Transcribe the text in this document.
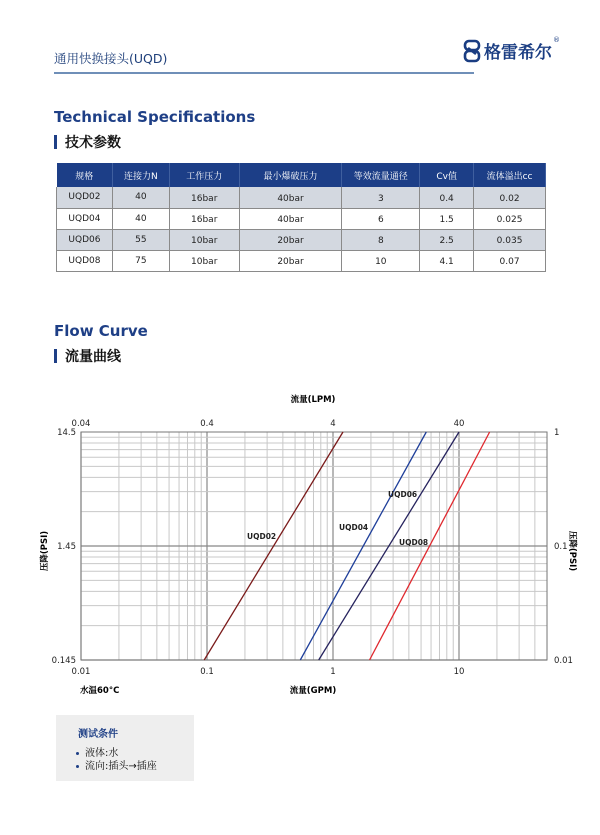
通用快换接头(UQD)	格雷希尔
®
Technical Specifications
技术参数
规格	连接力N	工作压力	最小爆破压力	等效流量通径	Cv值	流体溢出cc
UQD02	40	16bar	40bar	3	0.4	0.02
UQD04	40	16bar	40bar	6	1.5	0.025
UQD06	55	10bar	20bar	8	2.5	0.035
UQD08	75	10bar	20bar	10	4.1	0.07
Flow Curve
流量曲线
0.01	0.1	1	10
0.04	0.4	4	40
14.5
1.45
0.145
1
0.1
0.01
UQD02
UQD04
UQD06
UQD08
流量(LPM)
流量(GPM)
水温60°C
压降(PSI)	压降(PSI)
测试条件
液体:水
流向:插头→插座
